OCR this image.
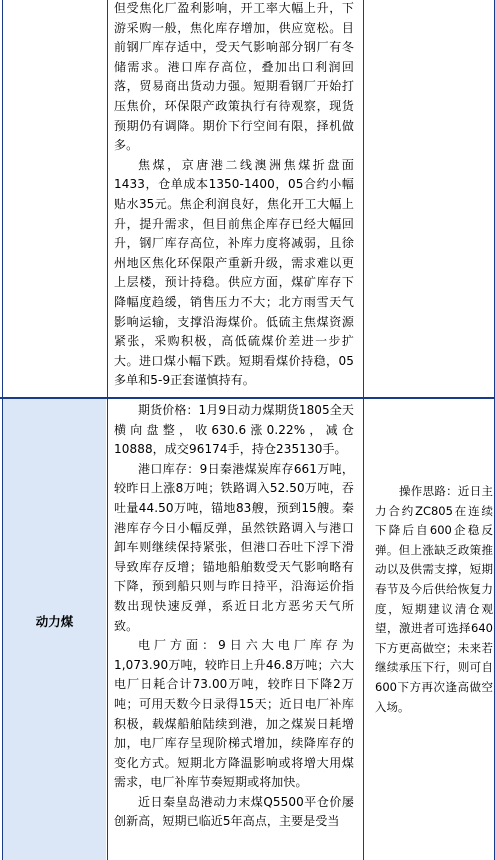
但受焦化厂盈利影响，开工率大幅上升，下游采购一般，焦化库存增加，供应宽松。目前钢厂库存适中，受天气影响部分钢厂有冬储需求。港口库存高位，叠加出口利润回落，贸易商出货动力强。短期看钢厂开始打压焦价，环保限产政策执行有待观察，现货预期仍有调降。期价下行空间有限，择机做多。

焦煤，京唐港二线澳洲焦煤折盘面1433，仓单成本1350-1400，05合约小幅贴水35元。焦企利润良好，焦化开工大幅上升，提升需求，但目前焦企库存已经大幅回升，钢厂库存高位，补库力度将减弱，且徐州地区焦化环保限产重新升级，需求难以更上层楼，预计持稳。供应方面，煤矿库存下降幅度趋缓，销售压力不大；北方雨雪天气影响运输，支撑沿海煤价。低硫主焦煤资源紧张，采购积极，高低硫煤价差进一步扩大。进口煤小幅下跌。短期看煤价持稳，05多单和5-9正套谨慎持有。

动力煤

期货价格：1月9日动力煤期货1805全天横向盘整，收630.6涨0.22%，减仓10888，成交96174手，持仓235130手。

港口库存：9日秦港煤炭库存661万吨，较昨日上涨8万吨；铁路调入52.50万吨，吞吐量44.50万吨，锚地83艘，预到15艘。秦港库存今日小幅反弹，虽然铁路调入与港口卸车则继续保持紧张，但港口吞吐下浮下滑导致库存反增；锚地船舶数受天气影响略有下降，预到船只则与昨日持平，沿海运价指数出现快速反弹，系近日北方恶劣天气所致。

电厂方面：9日六大电厂库存为1,073.90万吨，较昨日上升46.8万吨；六大电厂日耗合计73.00万吨，较昨日下降2万吨；可用天数今日录得15天；近日电厂补库积极，载煤船舶陆续到港，加之煤炭日耗增加，电厂库存呈现阶梯式增加，续降库存的变化方式。短期北方降温影响或将增大用煤需求，电厂补库节奏短期或将加快。

近日秦皇岛港动力末煤Q5500平仓价屡创新高，短期已临近5年高点，主要是受当

操作思路：近日主力合约ZC805在连续下降后自600企稳反弹。但上涨缺乏政策推动以及供需支撑，短期春节及今后供给恢复力度，短期建议清仓观望，激进者可选择640下方更高做空；未来若继续承压下行，则可自600下方再次逢高做空入场。
